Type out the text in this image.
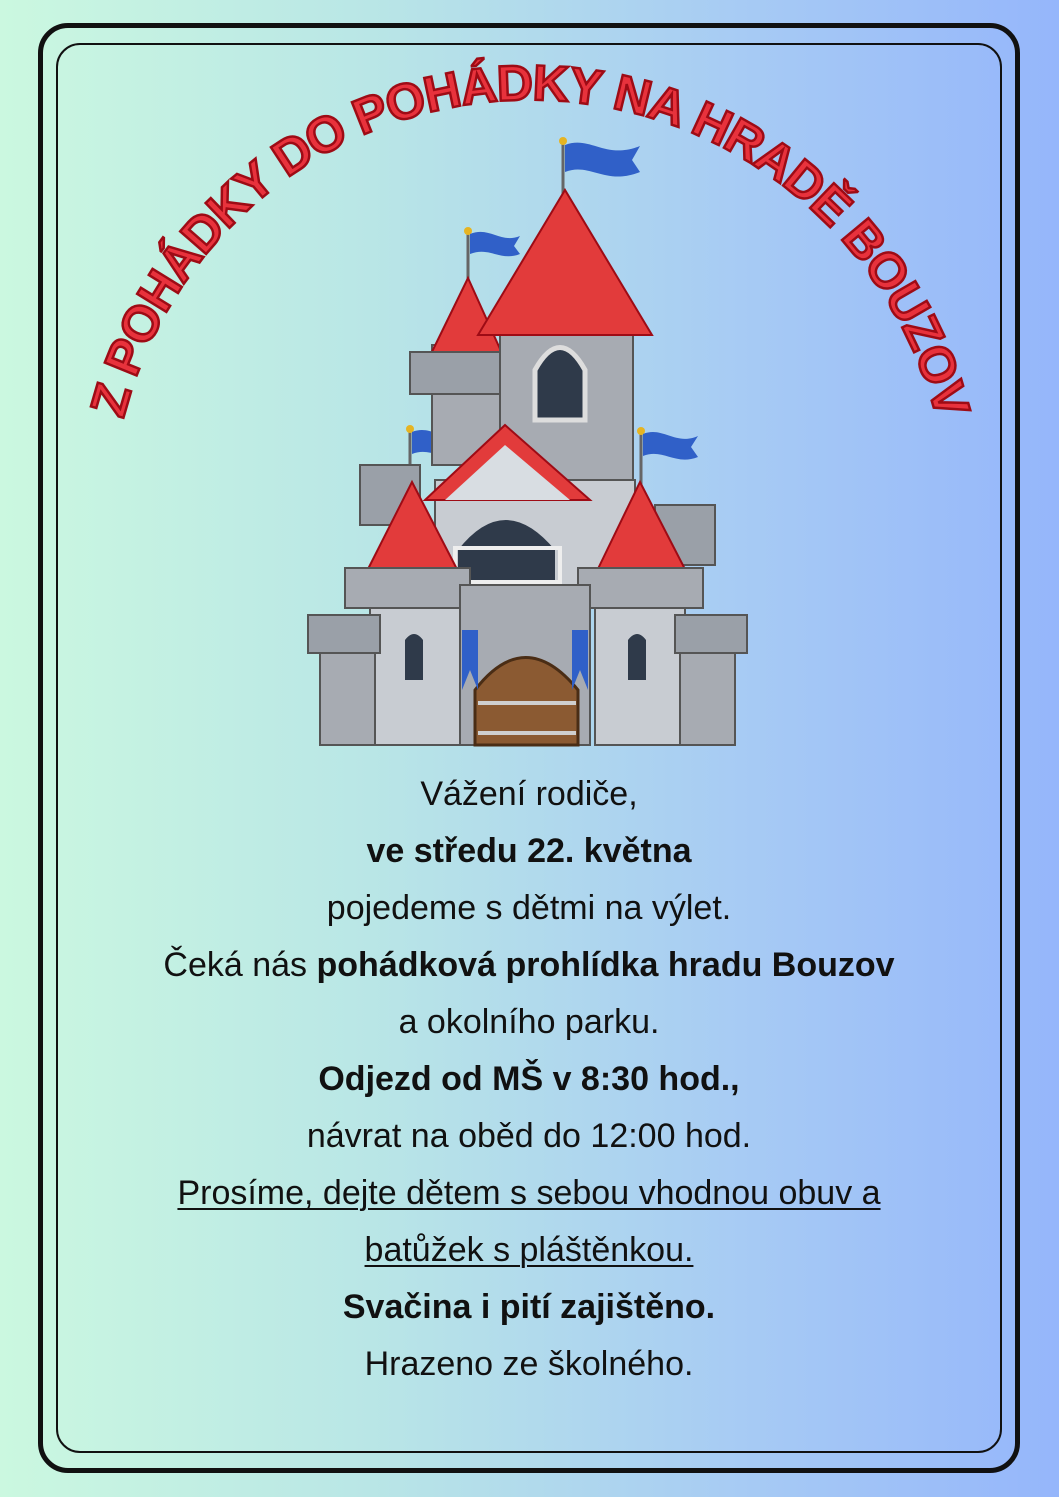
Z POHÁDKY DO POHÁDKY NA HRADĚ BOUZOV
Vážení rodiče,
ve středu 22. května
pojedeme s dětmi na výlet.
Čeká nás pohádková prohlídka hradu Bouzov
a okolního parku.
Odjezd od MŠ v 8:30 hod.,
návrat na oběd do 12:00 hod.
Prosíme, dejte dětem s sebou vhodnou obuv a
batůžek s pláštěnkou.
Svačina i pití zajištěno.
Hrazeno ze školného.
